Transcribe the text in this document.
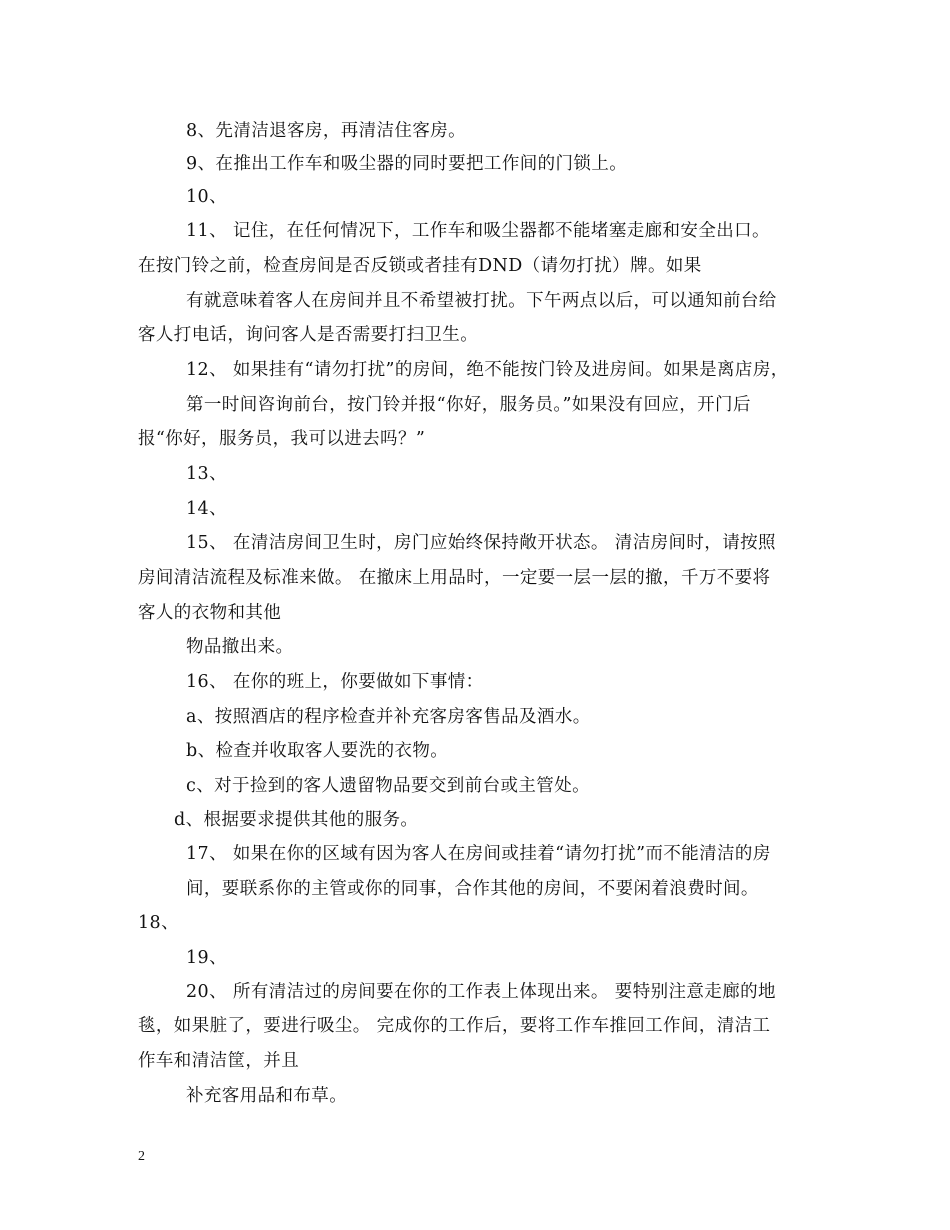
8、先清洁退客房，再清洁住客房。
9、在推出工作车和吸尘器的同时要把工作间的门锁上。
10、
11、 记住，在任何情况下，工作车和吸尘器都不能堵塞走廊和安全出口。
在按门铃之前，检查房间是否反锁或者挂有DND（请勿打扰）牌。如果
有就意味着客人在房间并且不希望被打扰。下午两点以后，可以通知前台给
客人打电话，询问客人是否需要打扫卫生。
12、 如果挂有“请勿打扰”的房间，绝不能按门铃及进房间。如果是离店房，
第一时间咨询前台，按门铃并报“你好，服务员。”如果没有回应，开门后
报“你好，服务员，我可以进去吗？”
13、
14、
15、 在清洁房间卫生时，房门应始终保持敞开状态。 清洁房间时，请按照
房间清洁流程及标准来做。 在撤床上用品时，一定要一层一层的撤，千万不要将
客人的衣物和其他
物品撤出来。
16、 在你的班上，你要做如下事情：
a、按照酒店的程序检查并补充客房客售品及酒水。
b、检查并收取客人要洗的衣物。
c、对于捡到的客人遗留物品要交到前台或主管处。
d、根据要求提供其他的服务。
17、 如果在你的区域有因为客人在房间或挂着“请勿打扰”而不能清洁的房
间，要联系你的主管或你的同事，合作其他的房间，不要闲着浪费时间。
18、
19、
20、 所有清洁过的房间要在你的工作表上体现出来。 要特别注意走廊的地
毯，如果脏了，要进行吸尘。 完成你的工作后，要将工作车推回工作间，清洁工
作车和清洁筐，并且
补充客用品和布草。
2
